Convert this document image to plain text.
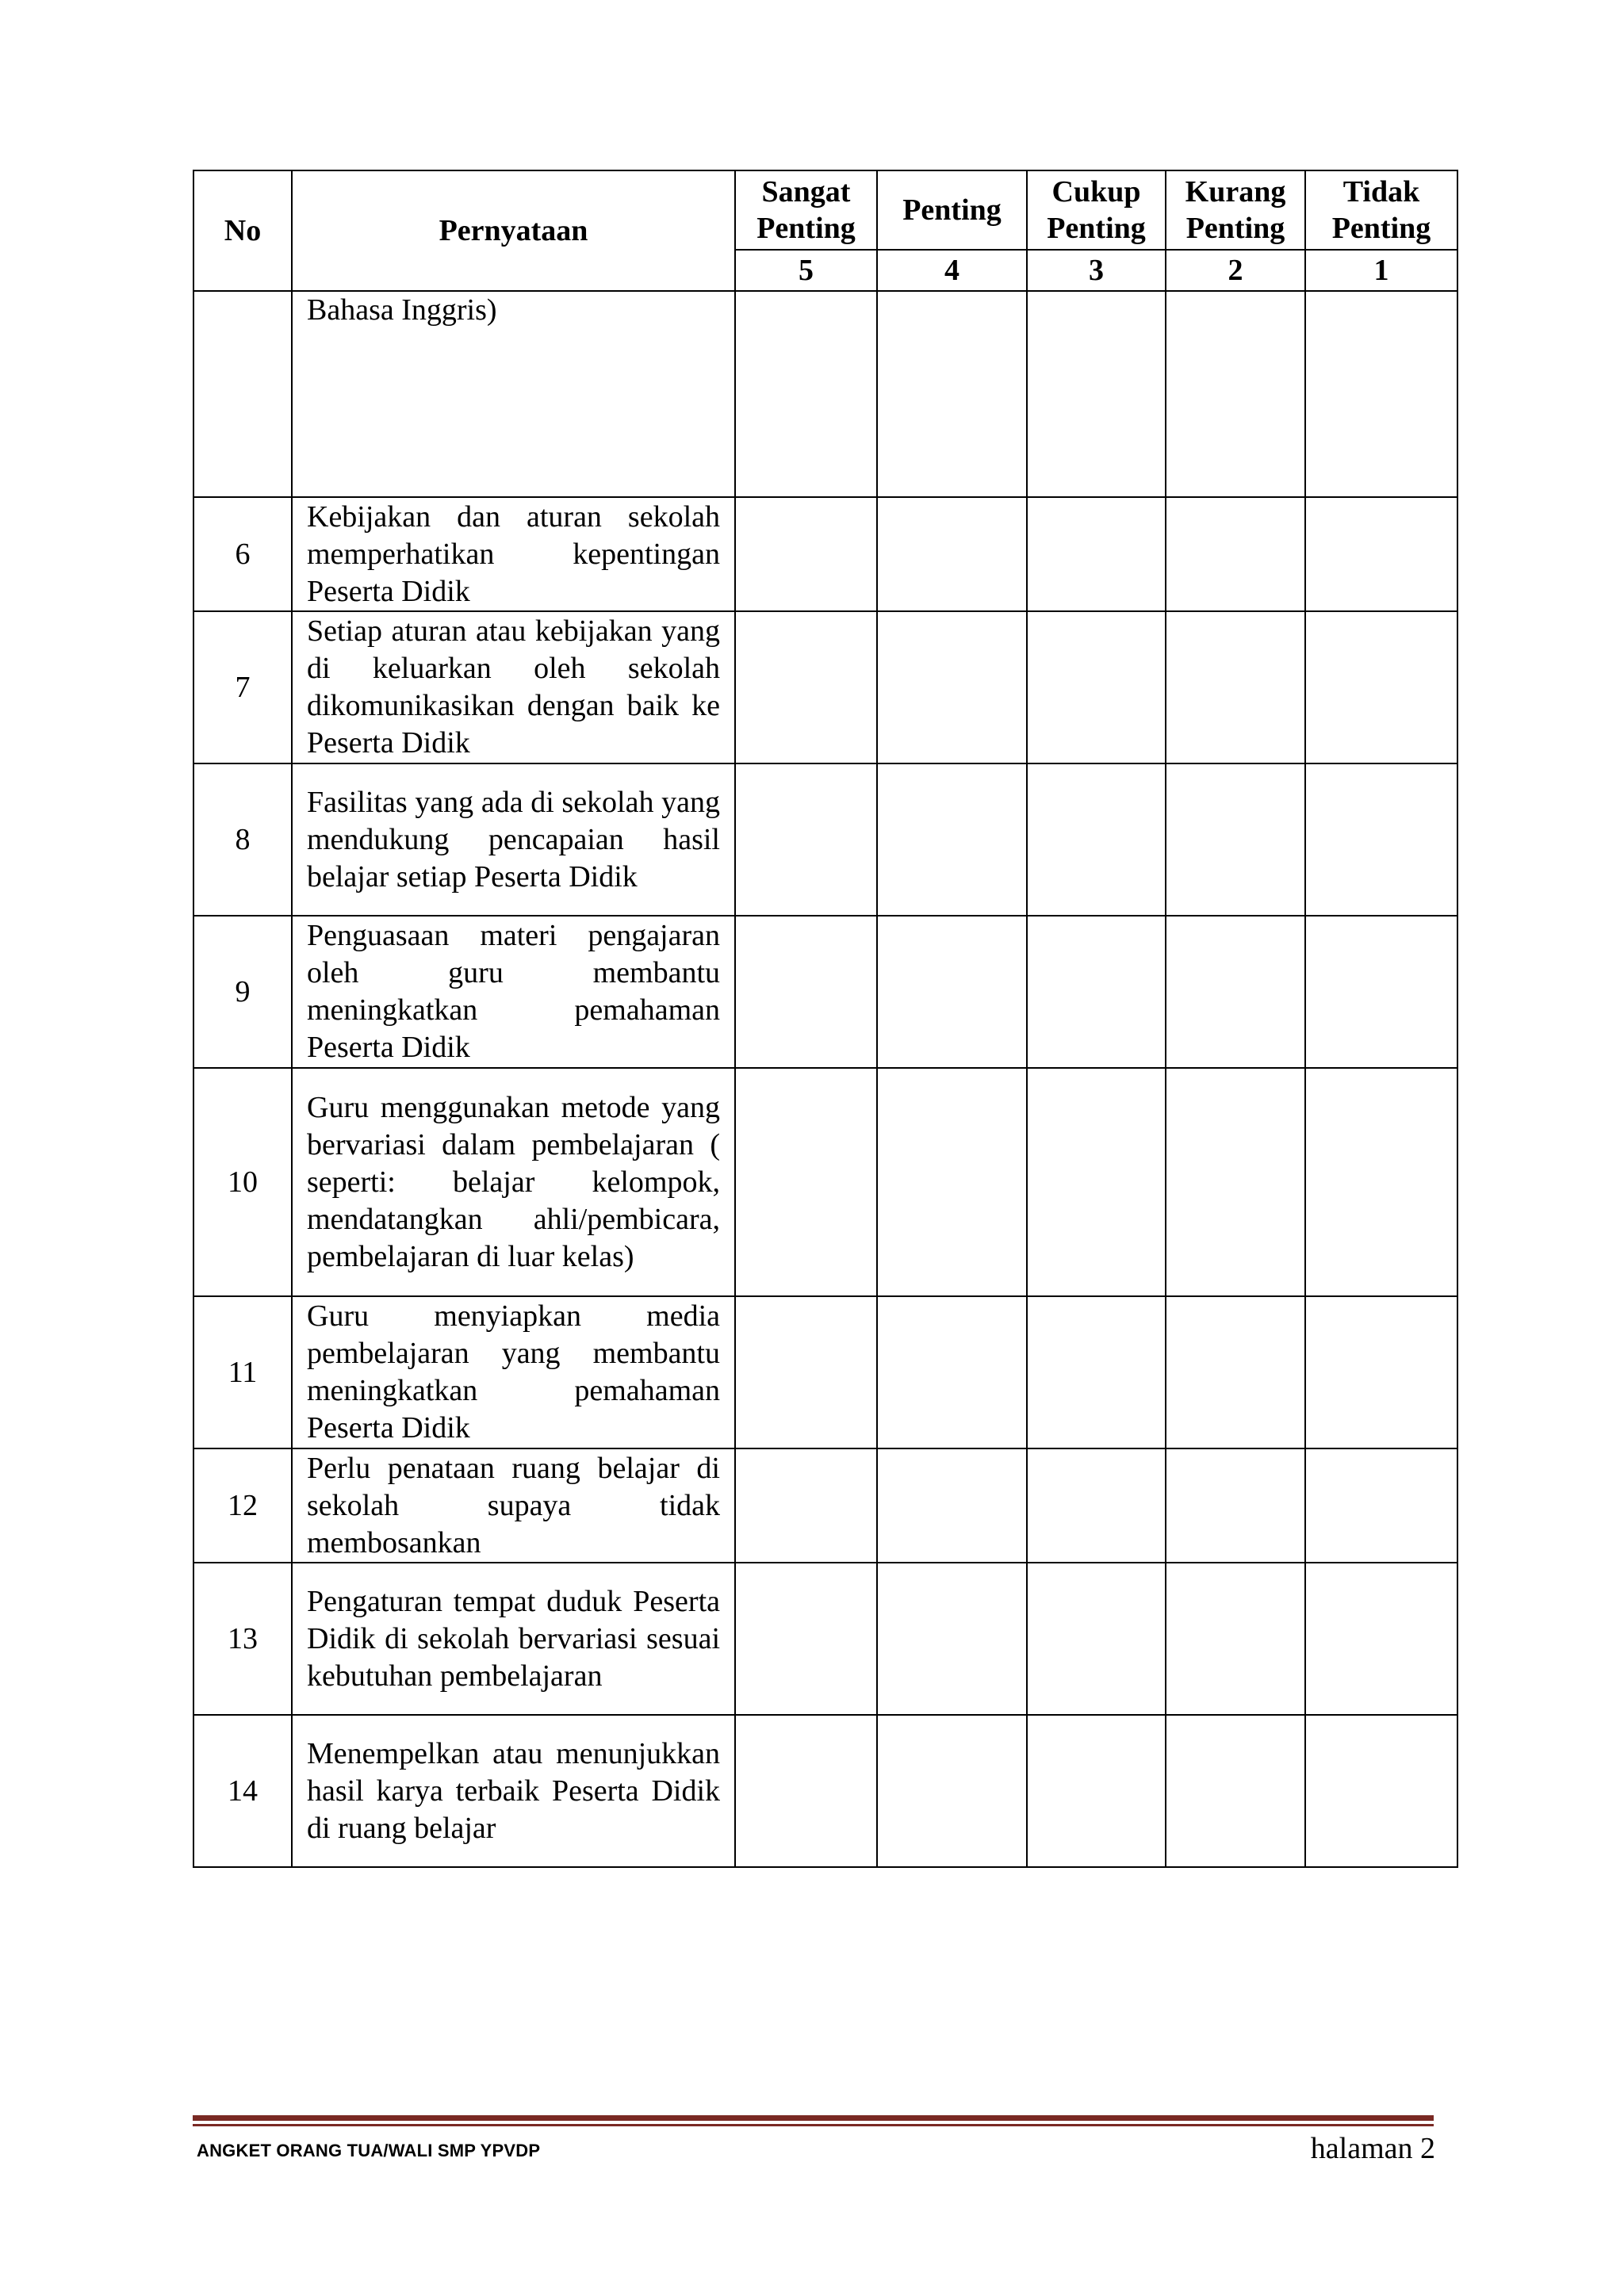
No	Pernyataan	Sangat Penting	Penting	Cukup Penting	Kurang Penting	Tidak Penting
		5	4	3	2	1
	Bahasa Inggris)					
6	Kebijakan dan aturan sekolah memperhatikan kepentingan Peserta Didik					
7	Setiap aturan atau kebijakan yang di keluarkan oleh sekolah dikomunikasikan dengan baik ke Peserta Didik					
8	Fasilitas yang ada di sekolah yang mendukung pencapaian hasil belajar setiap Peserta Didik					
9	Penguasaan materi pengajaran oleh guru membantu meningkatkan pemahaman Peserta Didik					
10	Guru menggunakan metode yang bervariasi dalam pembelajaran ( seperti: belajar kelompok, mendatangkan ahli/pembicara, pembelajaran di luar kelas)					
11	Guru menyiapkan media pembelajaran yang membantu meningkatkan pemahaman Peserta Didik					
12	Perlu penataan ruang belajar di sekolah supaya tidak membosankan					
13	Pengaturan tempat duduk Peserta Didik di sekolah bervariasi sesuai kebutuhan pembelajaran					
14	Menempelkan atau menunjukkan hasil karya terbaik Peserta Didik di ruang belajar					
ANGKET ORANG TUA/WALI SMP YPVDP	halaman 2
